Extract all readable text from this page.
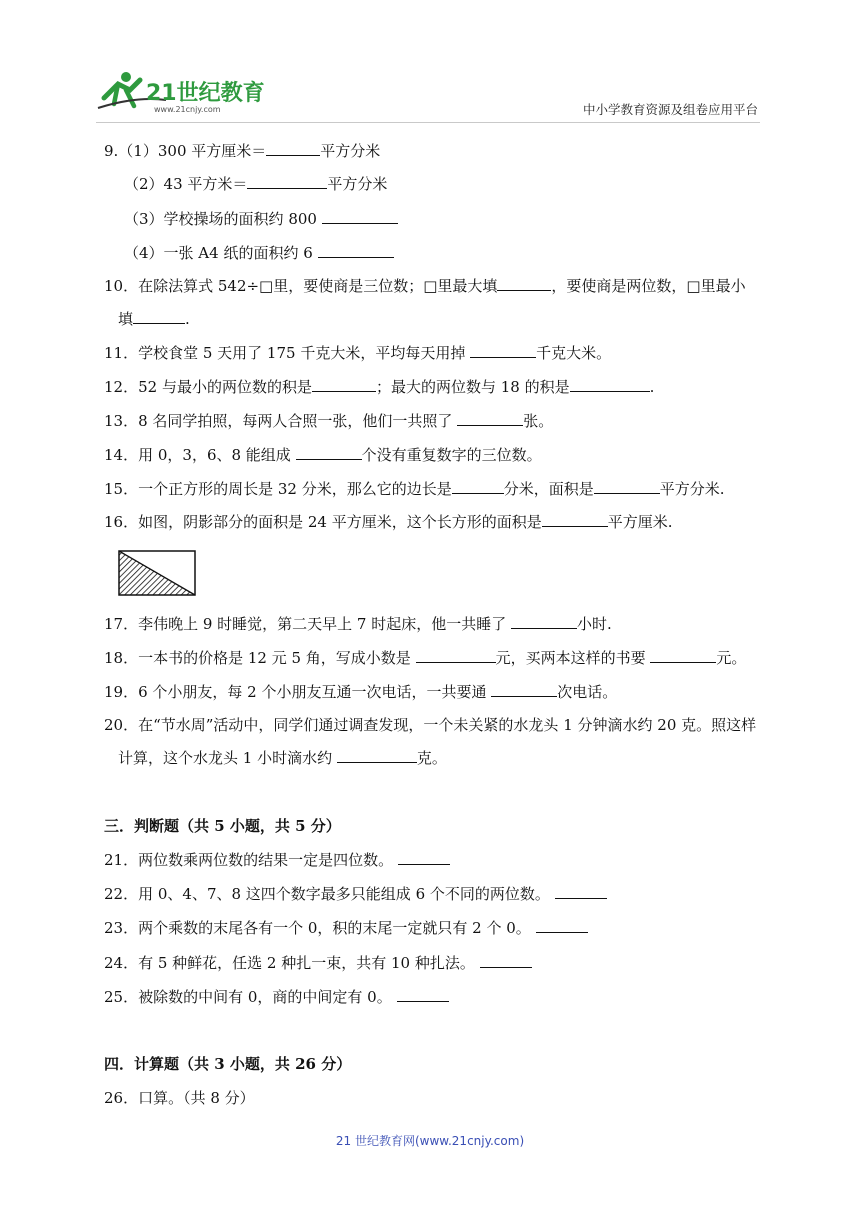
21世纪教育
www.21cnjy.com	中小学教育资源及组卷应用平台
9.（1）300 平方厘米＝	平方分米
（2）43 平方米＝	平方分米
（3）学校操场的面积约 800
（4）一张 A4 纸的面积约 6
10．在除法算式 542÷□里，要使商是三位数；□里最大填	，要使商是两位数，□里最小
填	.
11．学校食堂 5 天用了 175 千克大米，平均每天用掉	千克大米。
12．52 与最小的两位数的积是	；最大的两位数与 18 的积是	.
13．8 名同学拍照，每两人合照一张，他们一共照了	张。
14．用 0，3，6、8 能组成	个没有重复数字的三位数。
15．一个正方形的周长是 32 分米，那么它的边长是	分米，面积是	平方分米.
16．如图，阴影部分的面积是 24 平方厘米，这个长方形的面积是	平方厘米.
17．李伟晚上 9 时睡觉，第二天早上 7 时起床，他一共睡了	小时.
18．一本书的价格是 12 元 5 角，写成小数是	元，买两本这样的书要	元。
19．6 个小朋友，每 2 个小朋友互通一次电话，一共要通	次电话。
20．在“节水周”活动中，同学们通过调查发现，一个未关紧的水龙头 1 分钟滴水约 20 克。照这样
计算，这个水龙头 1 小时滴水约	克。
三．判断题（共 5 小题，共 5 分）
21．两位数乘两位数的结果一定是四位数。
22．用 0、4、7、8 这四个数字最多只能组成 6 个不同的两位数。
23．两个乘数的末尾各有一个 0，积的末尾一定就只有 2 个 0。
24．有 5 种鲜花，任选 2 种扎一束，共有 10 种扎法。
25．被除数的中间有 0，商的中间定有 0。
四．计算题（共 3 小题，共 26 分）
26．口算。（共 8 分）
21 世纪教育网(www.21cnjy.com)
